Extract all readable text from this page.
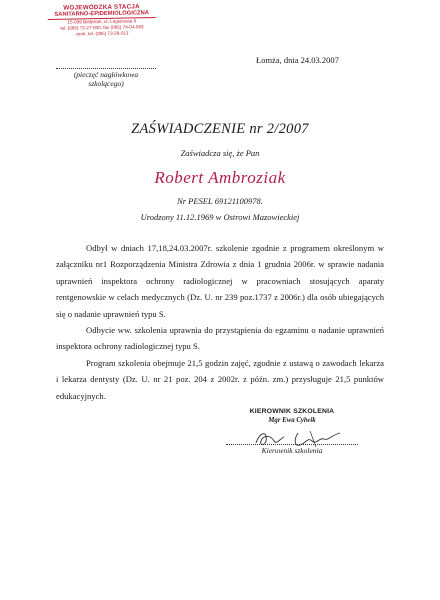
WOJEWÓDZKA STACJA
SANITARNO-EPIDEMIOLOGICZNA
15-099 Białystok, ul. Legionowa 8
tel. (085) 73-27-000, fax (085) 74-04-069
centr. tel. (085) 73-29-013
(pieczęć nagłówkowa szkolącego)
Łomża, dnia 24.03.2007
ZAŚWIADCZENIE nr 2/2007
Zaświadcza się, że Pan
Robert Ambroziak
Nr PESEL 69121100978.
Urodzony 11.12.1969 w Ostrowi Mazowieckiej

Odbył w dniach 17,18,24.03.2007r. szkolenie zgodnie z programem określonym w załączniku nr1 Rozporządzenia Ministra Zdrowia z dnia 1 grudnia 2006r. w sprawie nadania uprawnień inspektora ochrony radiologicznej w pracowniach stosujących aparaty rentgenowskie w celach medycznych (Dz. U. nr 239 poz.1737 z 2006r.) dla osób ubiegających się o nadanie uprawnień typu S.

Odbycie ww. szkolenia uprawnia do przystąpienia do egzaminu o nadanie uprawnień inspektora ochrony radiologicznej typu S.

Program szkolenia obejmuje 21,5 godzin zajęć, zgodnie z ustawą o zawodach lekarza i lekarza dentysty (Dz. U. nr 21 poz. 204 z 2002r. z późn. zm.) przysługuje 21,5 punktów edukacyjnych.

KIEROWNIK SZKOLENIA
Mgr Ewa Cylwik
Kierownik szkolenia
